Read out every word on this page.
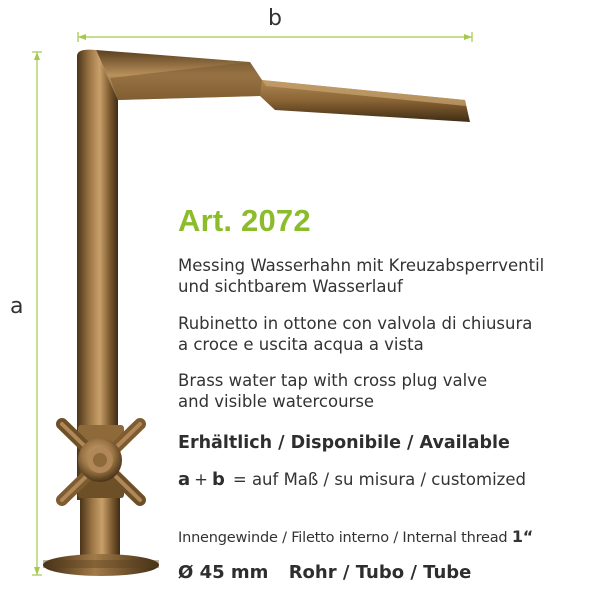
b
a
Art. 2072
Messing Wasserhahn mit Kreuzabsperrventil
und sichtbarem Wasserlauf
Rubinetto in ottone con valvola di chiusura
a croce e uscita acqua a vista
Brass water tap with cross plug valve
and visible watercourse
Erhältlich / Disponibile / Available
a + b = auf Maß / su misura / customized
Innengewinde / Filetto interno / Internal thread 1“
Ø 45 mm Rohr / Tubo / Tube
